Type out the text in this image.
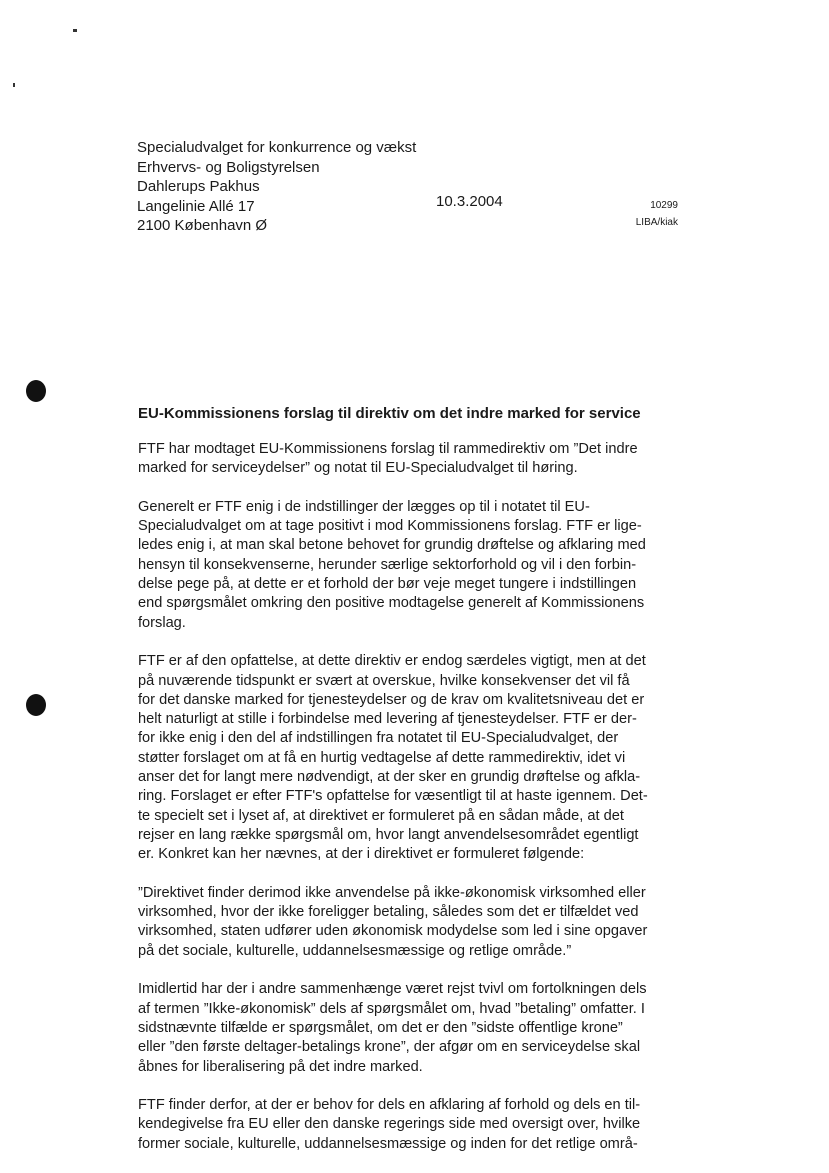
Specialudvalget for konkurrence og vækst
Erhvervs- og Boligstyrelsen
Dahlerups Pakhus
Langelinie Allé 17
2100 København Ø
10.3.2004	10299
LIBA/kiak
EU-Kommissionens forslag til direktiv om det indre marked for service
FTF har modtaget EU-Kommissionens forslag til rammedirektiv om ”Det indre
marked for serviceydelser” og notat til EU-Specialudvalget til høring.
Generelt er FTF enig i de indstillinger der lægges op til i notatet til EU-
Specialudvalget om at tage positivt i mod Kommissionens forslag. FTF er lige-
ledes enig i, at man skal betone behovet for grundig drøftelse og afklaring med
hensyn til konsekvenserne, herunder særlige sektorforhold og vil i den forbin-
delse pege på, at dette er et forhold der bør veje meget tungere i indstillingen
end spørgsmålet omkring den positive modtagelse generelt af Kommissionens
forslag.
FTF er af den opfattelse, at dette direktiv er endog særdeles vigtigt, men at det
på nuværende tidspunkt er svært at overskue, hvilke konsekvenser det vil få
for det danske marked for tjenesteydelser og de krav om kvalitetsniveau det er
helt naturligt at stille i forbindelse med levering af tjenesteydelser. FTF er der-
for ikke enig i den del af indstillingen fra notatet til EU-Specialudvalget, der
støtter forslaget om at få en hurtig vedtagelse af dette rammedirektiv, idet vi
anser det for langt mere nødvendigt, at der sker en grundig drøftelse og afkla-
ring. Forslaget er efter FTF's opfattelse for væsentligt til at haste igennem. Det-
te specielt set i lyset af, at direktivet er formuleret på en sådan måde, at det
rejser en lang række spørgsmål om, hvor langt anvendelsesområdet egentligt
er. Konkret kan her nævnes, at der i direktivet er formuleret følgende:
”Direktivet finder derimod ikke anvendelse på ikke-økonomisk virksomhed eller
virksomhed, hvor der ikke foreligger betaling, således som det er tilfældet ved
virksomhed, staten udfører uden økonomisk modydelse som led i sine opgaver
på det sociale, kulturelle, uddannelsesmæssige og retlige område.”
Imidlertid har der i andre sammenhænge været rejst tvivl om fortolkningen dels
af termen ”Ikke-økonomisk” dels af spørgsmålet om, hvad ”betaling” omfatter. I
sidstnævnte tilfælde er spørgsmålet, om det er den ”sidste offentlige krone”
eller ”den første deltager-betalings krone”, der afgør om en serviceydelse skal
åbnes for liberalisering på det indre marked.
FTF finder derfor, at der er behov for dels en afklaring af forhold og dels en til-
kendegivelse fra EU eller den danske regerings side med oversigt over, hvilke
former sociale, kulturelle, uddannelsesmæssige og inden for det retlige områ-
